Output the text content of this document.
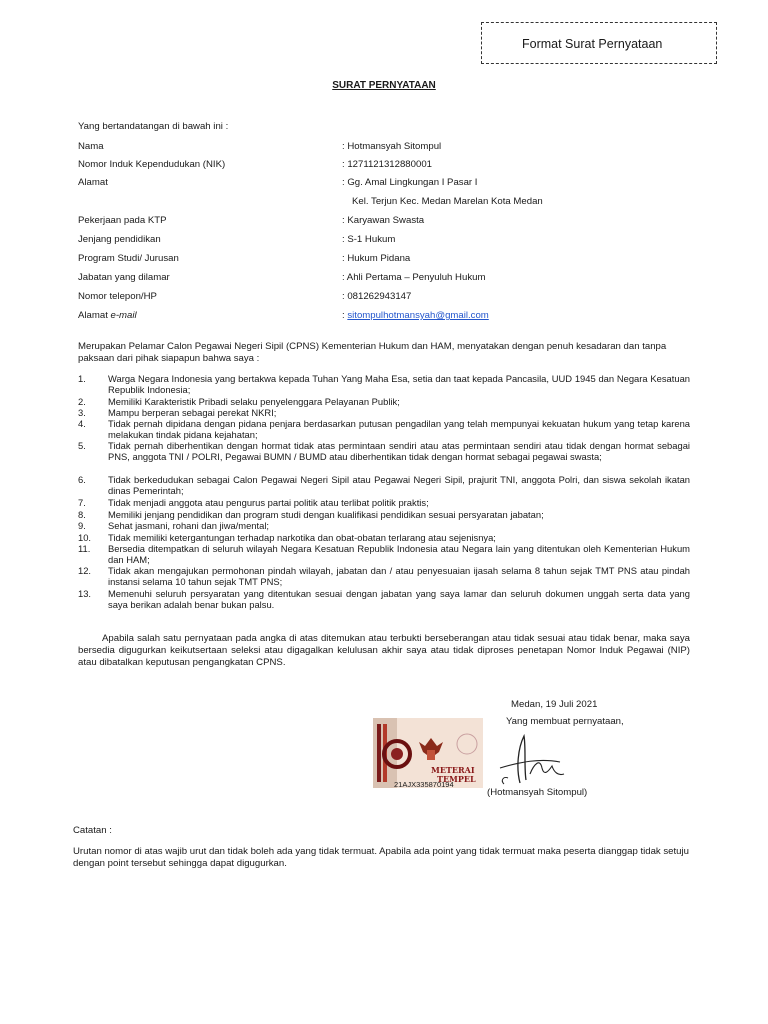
Format Surat Pernyataan
SURAT PERNYATAAN
Yang bertandatangan di bawah ini :
Nama	: Hotmansyah Sitompul
Nomor Induk Kependudukan (NIK)	: 1271121312880001
Alamat	: Gg. Amal Lingkungan I Pasar I
Kel. Terjun Kec. Medan Marelan Kota Medan
Pekerjaan pada KTP	: Karyawan Swasta
Jenjang pendidikan	: S-1 Hukum
Program Studi/ Jurusan	: Hukum Pidana
Jabatan yang dilamar	: Ahli Pertama – Penyuluh Hukum
Nomor telepon/HP	: 081262943147
Alamat e-mail	: sitompulhotmansyah@gmail.com
Merupakan Pelamar Calon Pegawai Negeri Sipil (CPNS) Kementerian Hukum dan HAM, menyatakan dengan penuh kesadaran dan tanpa paksaan dari pihak siapapun bahwa saya :
1.	Warga Negara Indonesia yang bertakwa kepada Tuhan Yang Maha Esa, setia dan taat kepada Pancasila, UUD 1945 dan Negara Kesatuan Republik Indonesia;
2.	Memiliki Karakteristik Pribadi selaku penyelenggara Pelayanan Publik;
3.	Mampu berperan sebagai perekat NKRI;
4.	Tidak pernah dipidana dengan pidana penjara berdasarkan putusan pengadilan yang telah mempunyai kekuatan hukum yang tetap karena melakukan tindak pidana kejahatan;
5.	Tidak pernah diberhentikan dengan hormat tidak atas permintaan sendiri atau atas permintaan sendiri atau tidak dengan hormat sebagai PNS, anggota TNI / POLRI, Pegawai BUMN / BUMD atau diberhentikan tidak dengan hormat sebagai pegawai swasta;
6.	Tidak berkedudukan sebagai Calon Pegawai Negeri Sipil atau Pegawai Negeri Sipil, prajurit TNI, anggota Polri, dan siswa sekolah ikatan dinas Pemerintah;
7.	Tidak menjadi anggota atau pengurus partai politik atau terlibat politik praktis;
8.	Memiliki jenjang pendidikan dan program studi dengan kualifikasi pendidikan sesuai persyaratan jabatan;
9.	Sehat jasmani, rohani dan jiwa/mental;
10.	Tidak memiliki ketergantungan terhadap narkotika dan obat-obatan terlarang atau sejenisnya;
11.	Bersedia ditempatkan di seluruh wilayah Negara Kesatuan Republik Indonesia atau Negara lain yang ditentukan oleh Kementerian Hukum dan HAM;
12.	Tidak akan mengajukan permohonan pindah wilayah, jabatan dan / atau penyesuaian ijasah selama 8 tahun sejak TMT PNS atau pindah instansi selama 10 tahun sejak TMT PNS;
13.	Memenuhi seluruh persyaratan yang ditentukan sesuai dengan jabatan yang saya lamar dan seluruh dokumen unggah serta data yang saya berikan adalah benar bukan palsu.
Apabila salah satu pernyataan pada angka di atas ditemukan atau terbukti berseberangan atau tidak sesuai atau tidak benar, maka saya bersedia digugurkan keikutsertaan seleksi atau digagalkan kelulusan akhir saya atau tidak diproses penetapan Nomor Induk Pegawai (NIP) atau dibatalkan keputusan pengangkatan CPNS.
Medan, 19 Juli 2021
Yang membuat pernyataan,
METERAI
TEMPEL
21AJX335870194
(Hotmansyah Sitompul)
Catatan :
Urutan nomor di atas wajib urut dan tidak boleh ada yang tidak termuat. Apabila ada point yang tidak termuat maka peserta dianggap tidak setuju dengan point tersebut sehingga dapat digugurkan.
